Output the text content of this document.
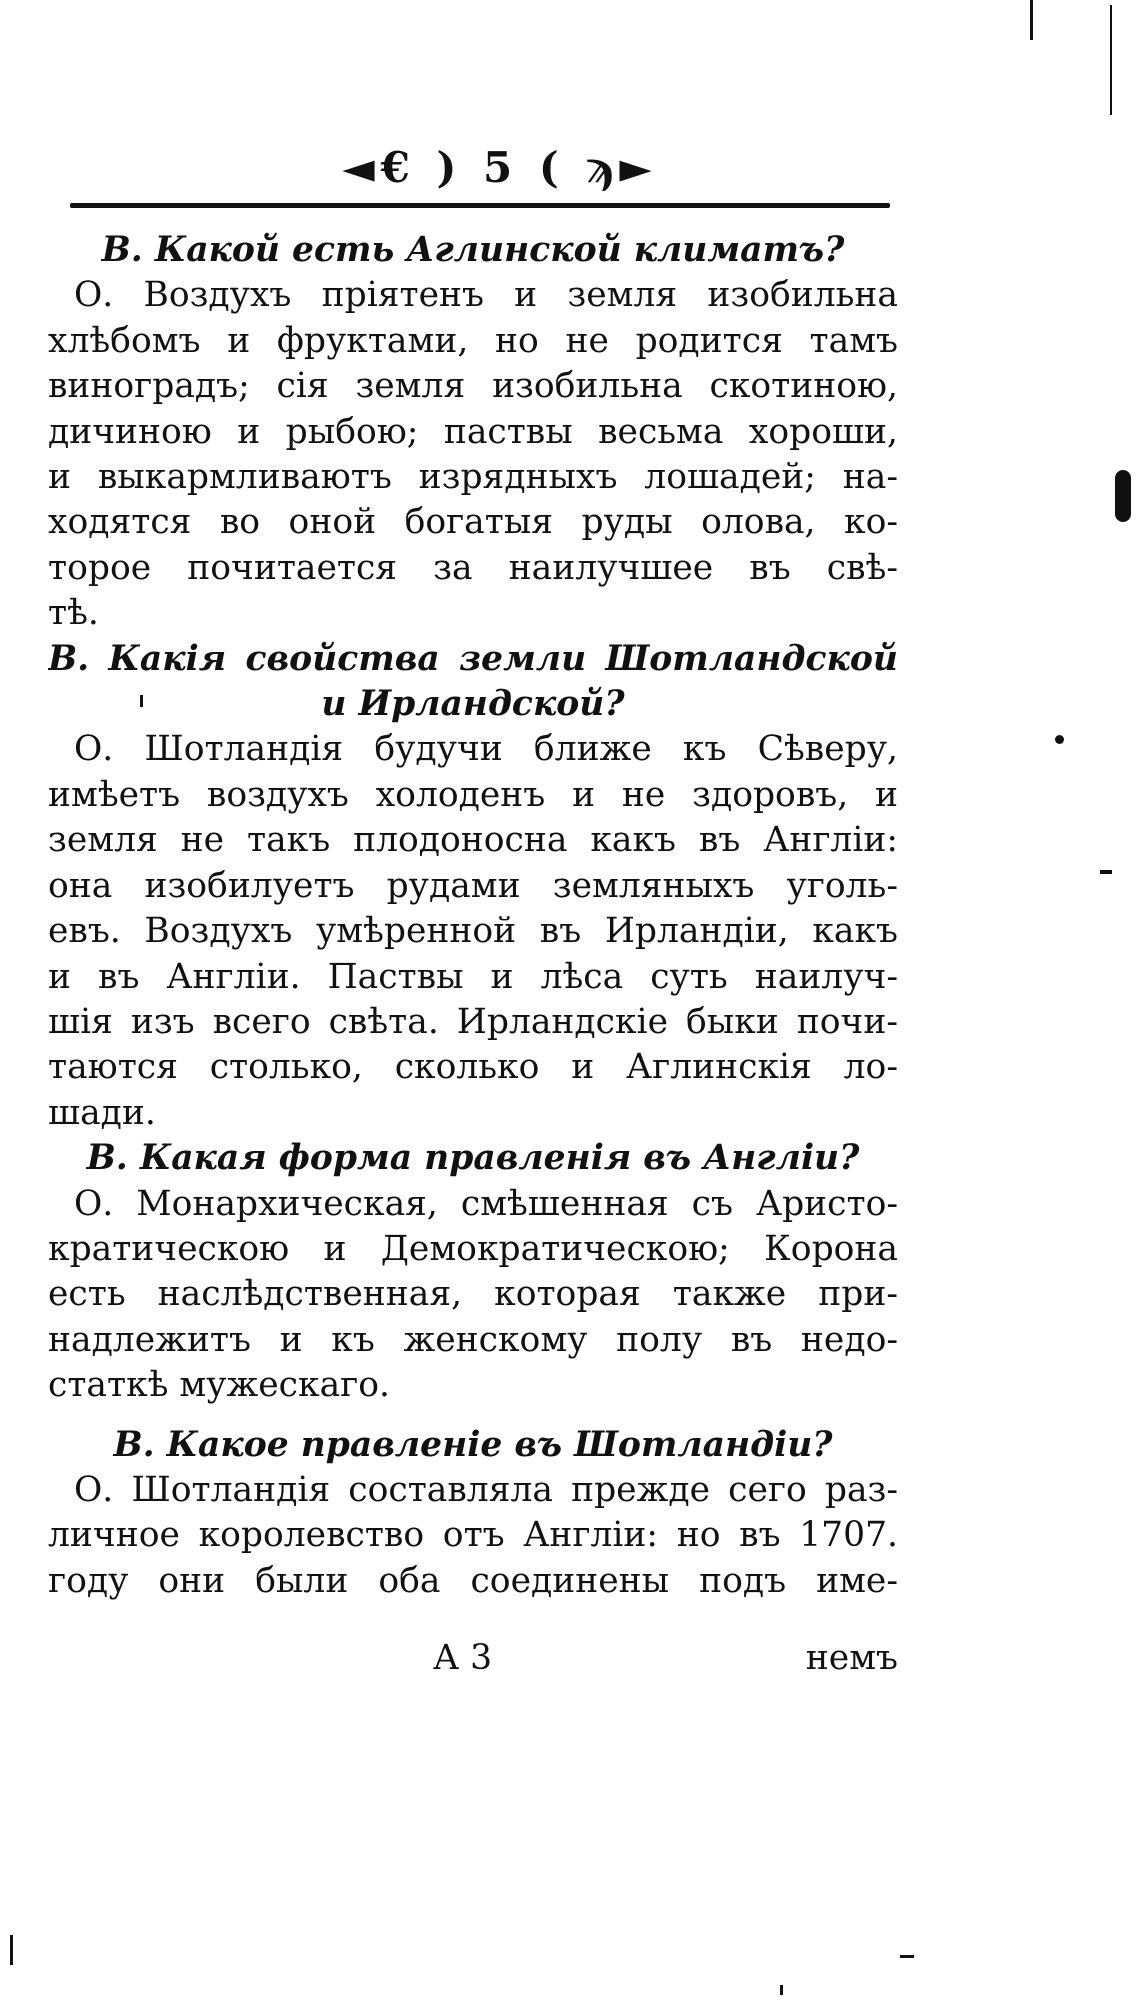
◄€ ) 5 ( ϡ►
В. Какой есть Аглинской климатъ?
О. Воздухъ пріятенъ и земля изобильна
хлѣбомъ и фруктами, но не родится тамъ
виноградъ; сія земля изобильна скотиною,
дичиною и рыбою; паствы весьма хороши,
и выкармливаютъ изрядныхъ лошадей; на-
ходятся во оной богатыя руды олова, ко-
торое почитается за наилучшее въ свѣ-
тѣ.
В. Какія свойства земли Шотландской
и Ирландской?
О. Шотландія будучи ближе къ Сѣверу,
имѣетъ воздухъ холоденъ и не здоровъ, и
земля не такъ плодоносна какъ въ Англіи:
она изобилуетъ рудами земляныхъ уголь-
евъ. Воздухъ умѣренной въ Ирландіи, какъ
и въ Англіи. Паствы и лѣса суть наилуч-
шія изъ всего свѣта. Ирландскіе быки почи-
таются столько, сколько и Аглинскія ло-
шади.
В. Какая форма правленія въ Англіи?
О. Монархическая, смѣшенная съ Аристо-
кратическою и Демократическою; Корона
есть наслѣдственная, которая также при-
надлежитъ и къ женскому полу въ недо-
статкѣ мужескаго.
В. Какое правленіе въ Шотландіи?
О. Шотландія составляла прежде сего раз-
личное королевство отъ Англіи: но въ 1707.
году они были оба соединены подъ име-
А 3	немъ
